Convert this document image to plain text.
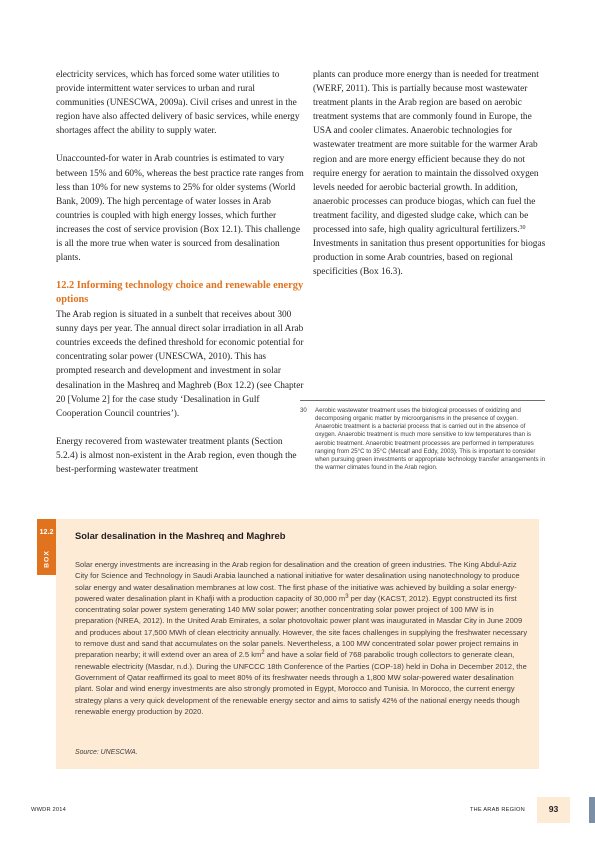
electricity services, which has forced some water utilities to provide intermittent water services to urban and rural communities (UNESCWA, 2009a). Civil crises and unrest in the region have also affected delivery of basic services, while energy shortages affect the ability to supply water.

Unaccounted-for water in Arab countries is estimated to vary between 15% and 60%, whereas the best practice rate ranges from less than 10% for new systems to 25% for older systems (World Bank, 2009). The high percentage of water losses in Arab countries is coupled with high energy losses, which further increases the cost of service provision (Box 12.1). This challenge is all the more true when water is sourced from desalination plants.

12.2 Informing technology choice and renewable energy options

The Arab region is situated in a sunbelt that receives about 300 sunny days per year. The annual direct solar irradiation in all Arab countries exceeds the defined threshold for economic potential for concentrating solar power (UNESCWA, 2010). This has prompted research and development and investment in solar desalination in the Mashreq and Maghreb (Box 12.2) (see Chapter 20 [Volume 2] for the case study ‘Desalination in Gulf Cooperation Council countries’).

Energy recovered from wastewater treatment plants (Section 5.2.4) is almost non-existent in the Arab region, even though the best-performing wastewater treatment

plants can produce more energy than is needed for treatment (WERF, 2011). This is partially because most wastewater treatment plants in the Arab region are based on aerobic treatment systems that are commonly found in Europe, the USA and cooler climates. Anaerobic technologies for wastewater treatment are more suitable for the warmer Arab region and are more energy efficient because they do not require energy for aeration to maintain the dissolved oxygen levels needed for aerobic bacterial growth. In addition, anaerobic processes can produce biogas, which can fuel the treatment facility, and digested sludge cake, which can be processed into safe, high quality agricultural fertilizers.$^{30}$ Investments in sanitation thus present opportunities for biogas production in some Arab countries, based on regional specificities (Box 16.3).

30 Aerobic wastewater treatment uses the biological processes of oxidizing and decomposing organic matter by microorganisms in the presence of oxygen. Anaerobic treatment is a bacterial process that is carried out in the absence of oxygen. Anaerobic treatment is much more sensitive to low temperatures than is aerobic treatment. Anaerobic treatment processes are performed in temperatures ranging from 25°C to 35°C (Metcalf and Eddy, 2003). This is important to consider when pursuing green investments or appropriate technology transfer arrangements in the warmer climates found in the Arab region.
12.2
BOX
Solar desalination in the Mashreq and Maghreb
Solar energy investments are increasing in the Arab region for desalination and the creation of green industries. The King Abdul-Aziz City for Science and Technology in Saudi Arabia launched a national initiative for water desalination using nanotechnology to produce solar energy and water desalination membranes at low cost. The first phase of the initiative was achieved by building a solar energy-powered water desalination plant in Khafji with a production capacity of 30,000 $m^3$ per day (KACST, 2012). Egypt constructed its first concentrating solar power system generating 140 MW solar power; another concentrating solar power project of 100 MW is in preparation (NREA, 2012). In the United Arab Emirates, a solar photovoltaic power plant was inaugurated in Masdar City in June 2009 and produces about 17,500 MWh of clean electricity annually. However, the site faces challenges in supplying the freshwater necessary to remove dust and sand that accumulates on the solar panels. Nevertheless, a 100 MW concentrated solar power project remains in preparation nearby; it will extend over an area of 2.5 $km^2$ and have a solar field of 768 parabolic trough collectors to generate clean, renewable electricity (Masdar, n.d.). During the UNFCCC 18th Conference of the Parties (COP-18) held in Doha in December 2012, the Government of Qatar reaffirmed its goal to meet 80% of its freshwater needs through a 1,800 MW solar-powered water desalination plant. Solar and wind energy investments are also strongly promoted in Egypt, Morocco and Tunisia. In Morocco, the current energy strategy plans a very quick development of the renewable energy sector and aims to satisfy 42% of the national energy needs though renewable energy production by 2020.
Source: UNESCWA.
WWDR 2014	THE ARAB REGION	93
